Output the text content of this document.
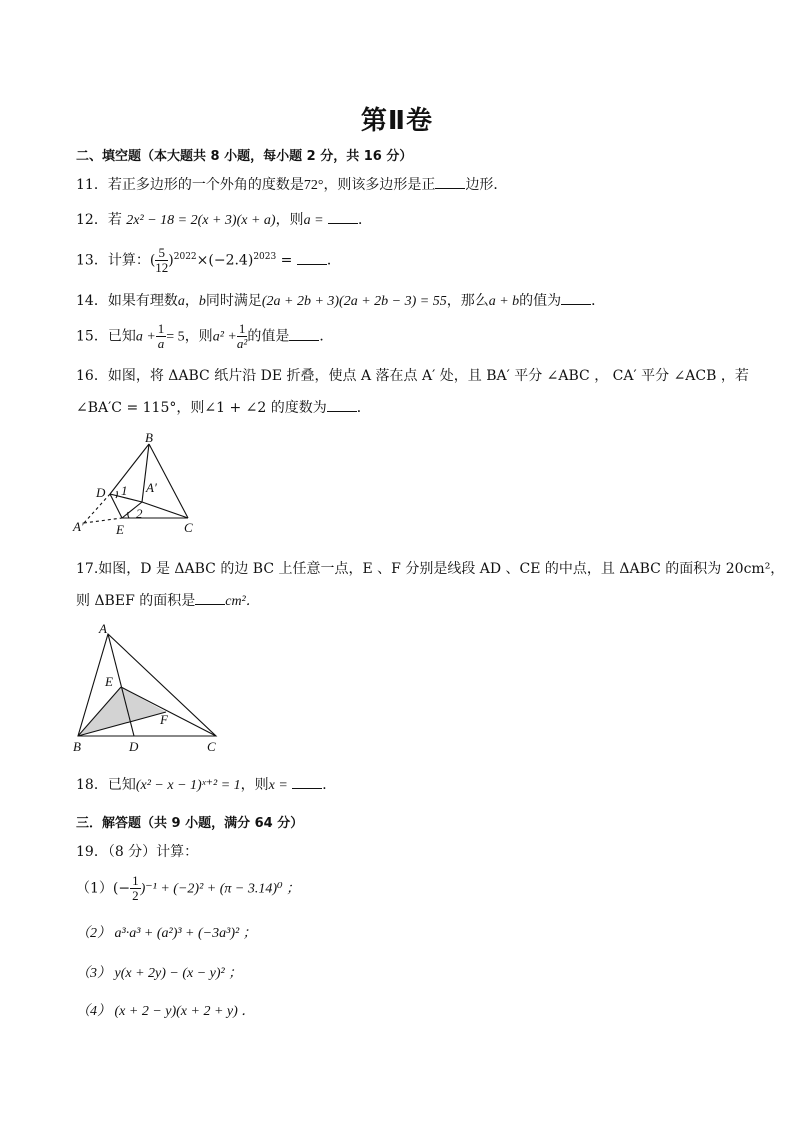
第Ⅱ卷
二、填空题（本大题共 8 小题，每小题 2 分，共 16 分）
11．若正多边形的一个外角的度数是72°，则该多边形是正 边形．
12．若 2x² − 18 = 2(x + 3)(x + a)，则a = ．
13．计算：( $\frac{5}{12} )^{2022}\times(-2.4)^{2023}$ = ．
14．如果有理数a，b同时满足(2a + 2b + 3)(2a + 2b − 3) = 55，那么a + b的值为 ．
15．已知$a + \frac{1}{a} = 5$，则$a^2 + \frac{1}{\text{a²}}$ 的值是 ．
16．如图，将 ΔABC 纸片沿 DE 折叠，使点 A 落在点 A′ 处，且 BA′ 平分 ∠ABC ， CA′ 平分 ∠ACB ，若
∠BA′C = 115°，则∠1 + ∠2 的度数为 ．
B
D	A′
A′ E	C
1
2
17.如图，D 是 ΔABC 的边 BC 上任意一点，E 、F 分别是线段 AD 、CE 的中点，且 ΔABC 的面积为 20cm²，
则 ΔBEF 的面积是 cm²．
A
E
F
B	D	C
18．已知(x² − x − 1)ˣ⁺² = 1，则x = ．
三．解答题（共 9 小题，满分 64 分）
19．（8 分）计算：
$(1)(- \frac{1}{2} )^{-1} + (-2)^2 + (\pi - 3.14)^0$ ；
（2） a³·a³ + (a²)³ + (−3a³)² ；
（3） y(x + 2y) − (x − y)² ；
（4） (x + 2 − y)(x + 2 + y) ．
